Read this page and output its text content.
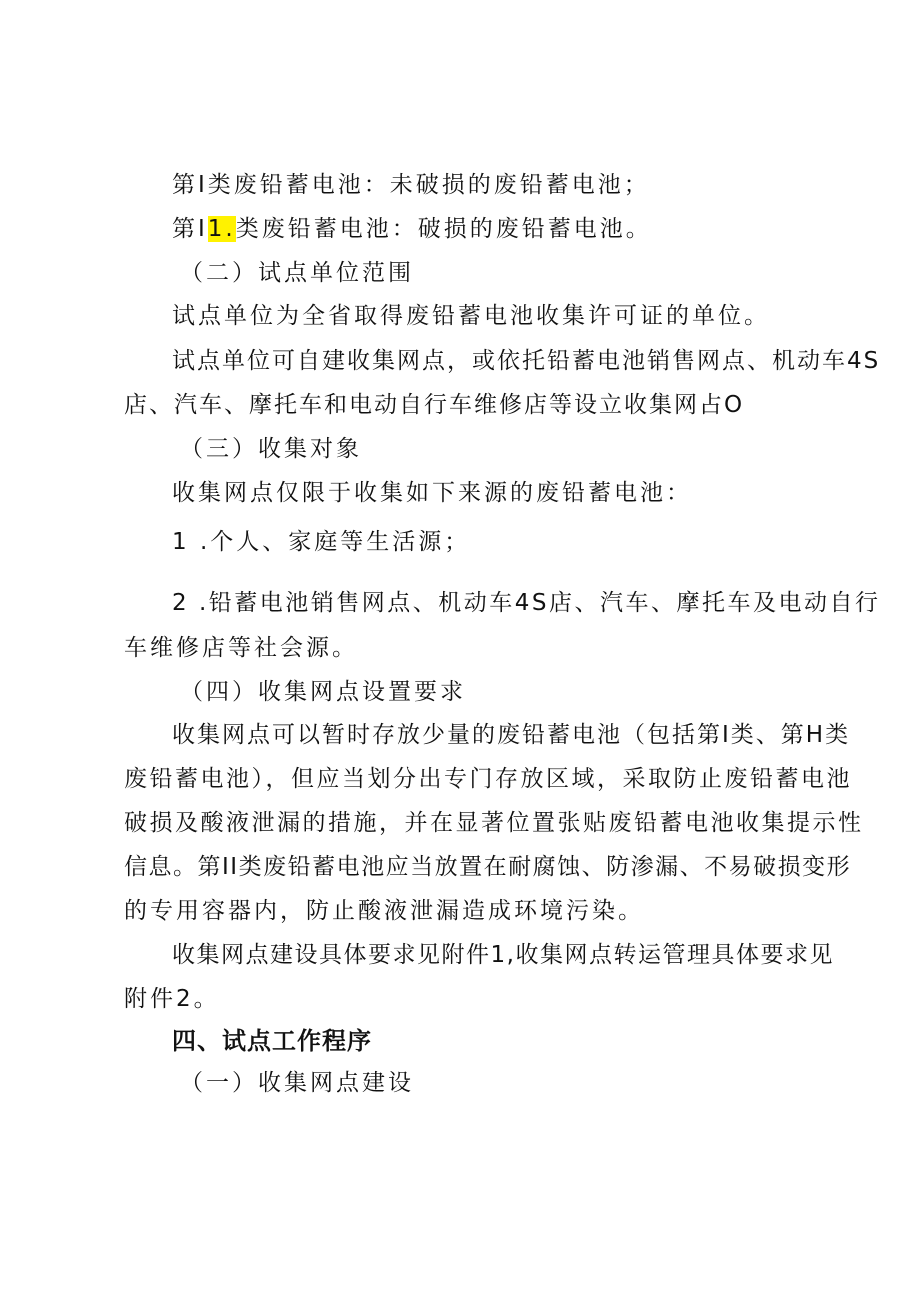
第I类废铅蓄电池：未破损的废铅蓄电池；
第I1.类废铅蓄电池：破损的废铅蓄电池。
（二）试点单位范围
试点单位为全省取得废铅蓄电池收集许可证的单位。
试点单位可自建收集网点，或依托铅蓄电池销售网点、机动车4S
店、汽车、摩托车和电动自行车维修店等设立收集网占O
（三）收集对象
收集网点仅限于收集如下来源的废铅蓄电池：
1 .个人、家庭等生活源；
2 .铅蓄电池销售网点、机动车4S店、汽车、摩托车及电动自行
车维修店等社会源。
（四）收集网点设置要求
收集网点可以暂时存放少量的废铅蓄电池（包括第I类、第H类
废铅蓄电池），但应当划分出专门存放区域，采取防止废铅蓄电池
破损及酸液泄漏的措施，并在显著位置张贴废铅蓄电池收集提示性
信息。第II类废铅蓄电池应当放置在耐腐蚀、防渗漏、不易破损变形
的专用容器内，防止酸液泄漏造成环境污染。
收集网点建设具体要求见附件1,收集网点转运管理具体要求见
附件2。
四、试点工作程序
（一）收集网点建设
